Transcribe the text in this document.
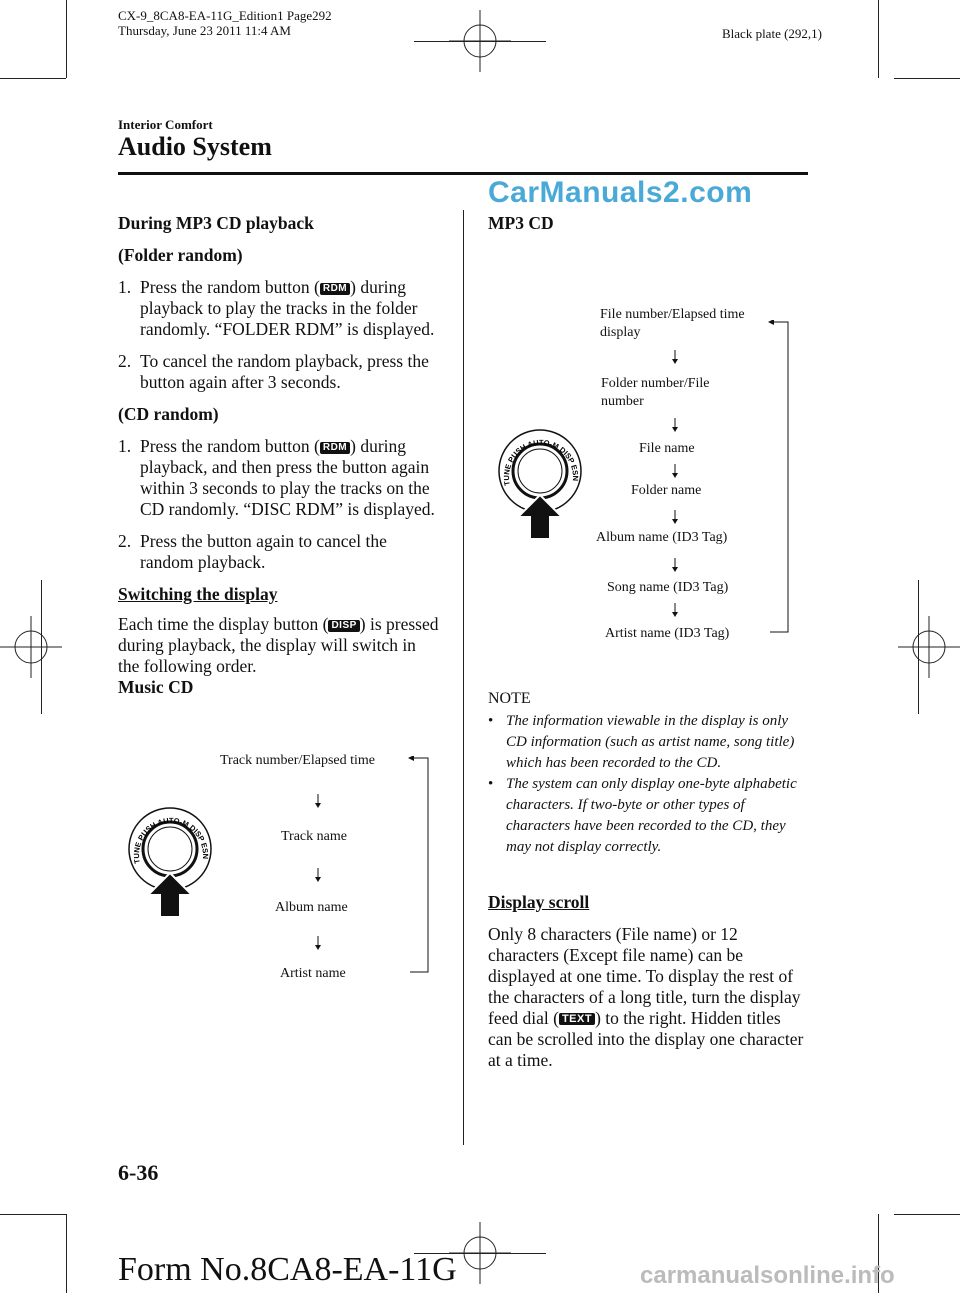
CX-9_8CA8-EA-11G_Edition1 Page292
Thursday, June 23 2011 11:4 AM	Black plate (292,1)
Interior Comfort
Audio System
CarManuals2.com

During MP3 CD playback

(Folder random)

1. Press the random button ( RDM ) during playback to play the tracks in the folder randomly. “FOLDER RDM” is displayed.
2. To cancel the random playback, press the button again after 3 seconds.

(CD random)

1. Press the random button ( RDM ) during playback, and then press the button again within 3 seconds to play the tracks on the CD randomly. “DISC RDM” is displayed.
2. Press the button again to cancel the random playback.

Switching the display

Each time the display button ( DISP ) is pressed during playback, the display will switch in the following order.

Music CD

TUNE PUSH AUTO-M DISP ESN
Track number/Elapsed time
Track name
Album name
Artist name
MP3 CD
TUNE PUSH AUTO-M DISP ESN
File number/Elapsed time display
Folder number/File number
File name
Folder name
Album name (ID3 Tag)
Song name (ID3 Tag)
Artist name (ID3 Tag)
NOTE
• The information viewable in the display is only CD information (such as artist name, song title) which has been recorded to the CD.
• The system can only display one-byte alphabetic characters. If two-byte or other types of characters have been recorded to the CD, they may not display correctly.

Display scroll

Only 8 characters (File name) or 12 characters (Except file name) can be displayed at one time. To display the rest of the characters of a long title, turn the display feed dial ( TEXT ) to the right. Hidden titles can be scrolled into the display one character at a time.

6-36
Form No.8CA8-EA-11G	carmanualsonline.info
